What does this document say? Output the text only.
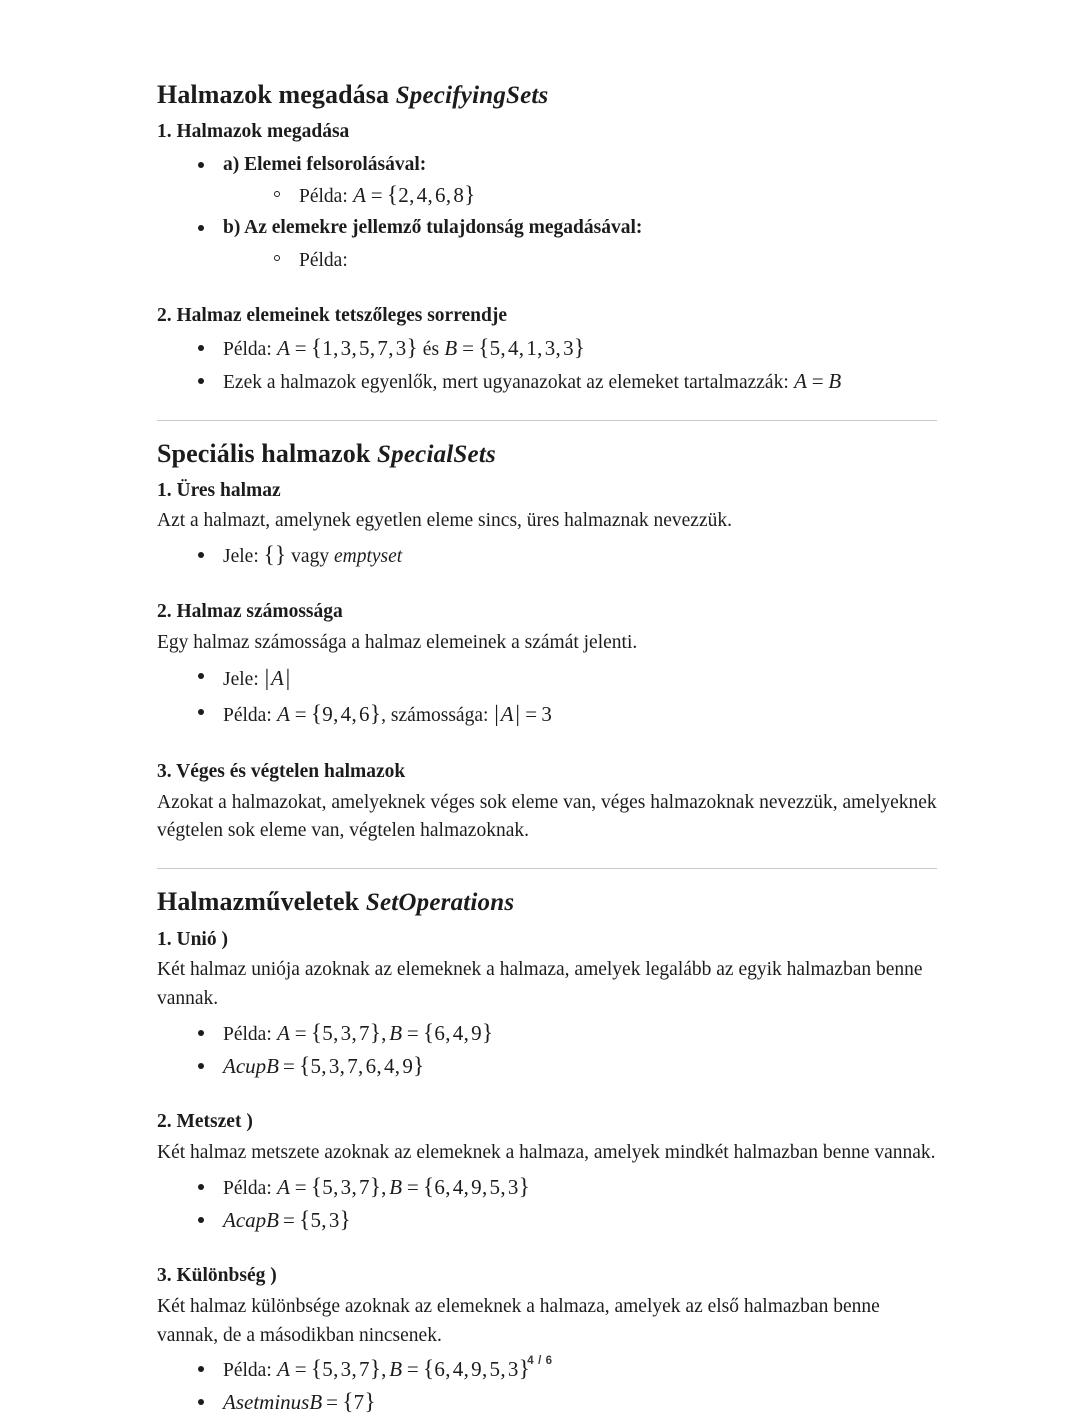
Halmazok megadása SpecifyingSets
1. Halmazok megadása
a) Elemei felsorolásával:
Példa: A = {2,4,6,8}
b) Az elemekre jellemző tulajdonság megadásával:
Példa:
2. Halmaz elemeinek tetszőleges sorrendje
Példa: A = {1,3,5,7,3} és B = {5,4,1,3,3}
Ezek a halmazok egyenlők, mert ugyanazokat az elemeket tartalmazzák: A = B
Speciális halmazok SpecialSets
1. Üres halmaz

Azt a halmazt, amelynek egyetlen eleme sincs, üres halmaznak nevezzük.

Jele: {} vagy emptyset
2. Halmaz számossága

Egy halmaz számossága a halmaz elemeinek a számát jelenti.

Jele: |A|
Példa: A = {9,4,6}, számossága: |A| = 3
3. Véges és végtelen halmazok

Azokat a halmazokat, amelyeknek véges sok eleme van, véges halmazoknak nevezzük, amelyeknek végtelen sok eleme van, végtelen halmazoknak.

Halmazműveletek SetOperations
1. Unió )

Két halmaz uniója azoknak az elemeknek a halmaza, amelyek legalább az egyik halmazban benne vannak.

Példa: A = {5,3,7}, B = {6,4,9}
AcupB = {5,3,7,6,4,9}
2. Metszet )

Két halmaz metszete azoknak az elemeknek a halmaza, amelyek mindkét halmazban benne vannak.

Példa: A = {5,3,7}, B = {6,4,9,5,3}
AcapB = {5,3}
3. Különbség )

Két halmaz különbsége azoknak az elemeknek a halmaza, amelyek az első halmazban benne vannak, de a másodikban nincsenek.

Példa: A = {5,3,7}, B = {6,4,9,5,3}
AsetminusB = {7}
4 / 6
